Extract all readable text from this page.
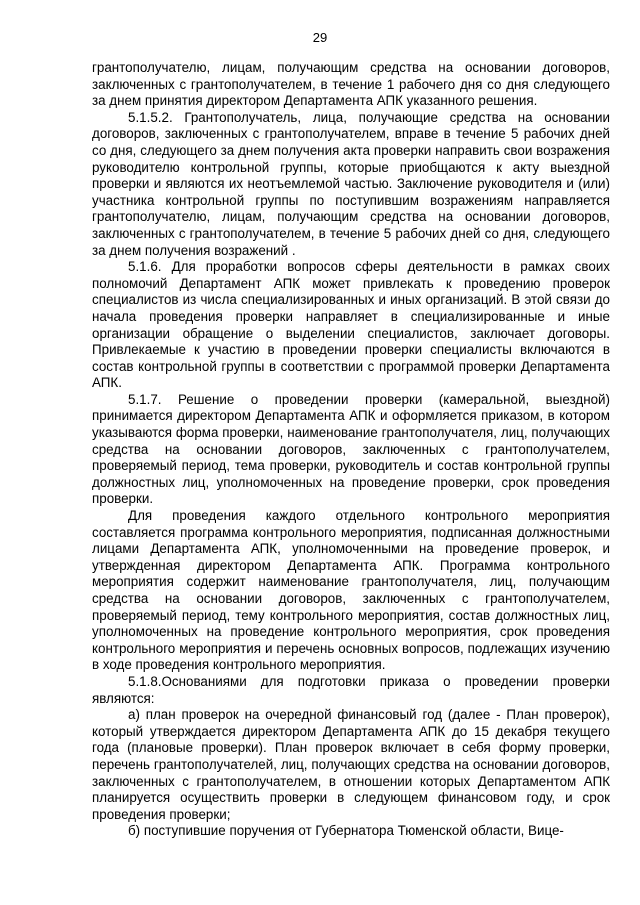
29

грантополучателю, лицам, получающим средства на основании договоров, заключенных с грантополучателем, в течение 1 рабочего дня со дня следующего за днем принятия директором Департамента АПК указанного решения.

5.1.5.2. Грантополучатель, лица, получающие средства на основании договоров, заключенных с грантополучателем, вправе в течение 5 рабочих дней со дня, следующего за днем получения акта проверки направить свои возражения руководителю контрольной группы, которые приобщаются к акту выездной проверки и являются их неотъемлемой частью. Заключение руководителя и (или) участника контрольной группы по поступившим возражениям направляется грантополучателю, лицам, получающим средства на основании договоров, заключенных с грантополучателем, в течение 5 рабочих дней со дня, следующего за днем получения возражений .

5.1.6. Для проработки вопросов сферы деятельности в рамках своих полномочий Департамент АПК может привлекать к проведению проверок специалистов из числа специализированных и иных организаций. В этой связи до начала проведения проверки направляет в специализированные и иные организации обращение о выделении специалистов, заключает договоры. Привлекаемые к участию в проведении проверки специалисты включаются в состав контрольной группы в соответствии с программой проверки Департамента АПК.

5.1.7. Решение о проведении проверки (камеральной, выездной) принимается директором Департамента АПК и оформляется приказом, в котором указываются форма проверки, наименование грантополучателя, лиц, получающих средства на основании договоров, заключенных с грантополучателем, проверяемый период, тема проверки, руководитель и состав контрольной группы должностных лиц, уполномоченных на проведение проверки, срок проведения проверки.

Для проведения каждого отдельного контрольного мероприятия составляется программа контрольного мероприятия, подписанная должностными лицами Департамента АПК, уполномоченными на проведение проверок, и утвержденная директором Департамента АПК. Программа контрольного мероприятия содержит наименование грантополучателя, лиц, получающим средства на основании договоров, заключенных с грантополучателем, проверяемый период, тему контрольного мероприятия, состав должностных лиц, уполномоченных на проведение контрольного мероприятия, срок проведения контрольного мероприятия и перечень основных вопросов, подлежащих изучению в ходе проведения контрольного мероприятия.

5.1.8.Основаниями для подготовки приказа о проведении проверки являются:

а) план проверок на очередной финансовый год (далее - План проверок), который утверждается директором Департамента АПК до 15 декабря текущего года (плановые проверки). План проверок включает в себя форму проверки, перечень грантополучателей, лиц, получающих средства на основании договоров, заключенных с грантополучателем, в отношении которых Департаментом АПК планируется осуществить проверки в следующем финансовом году, и срок проведения проверки;

б) поступившие поручения от Губернатора Тюменской области, Вице-
